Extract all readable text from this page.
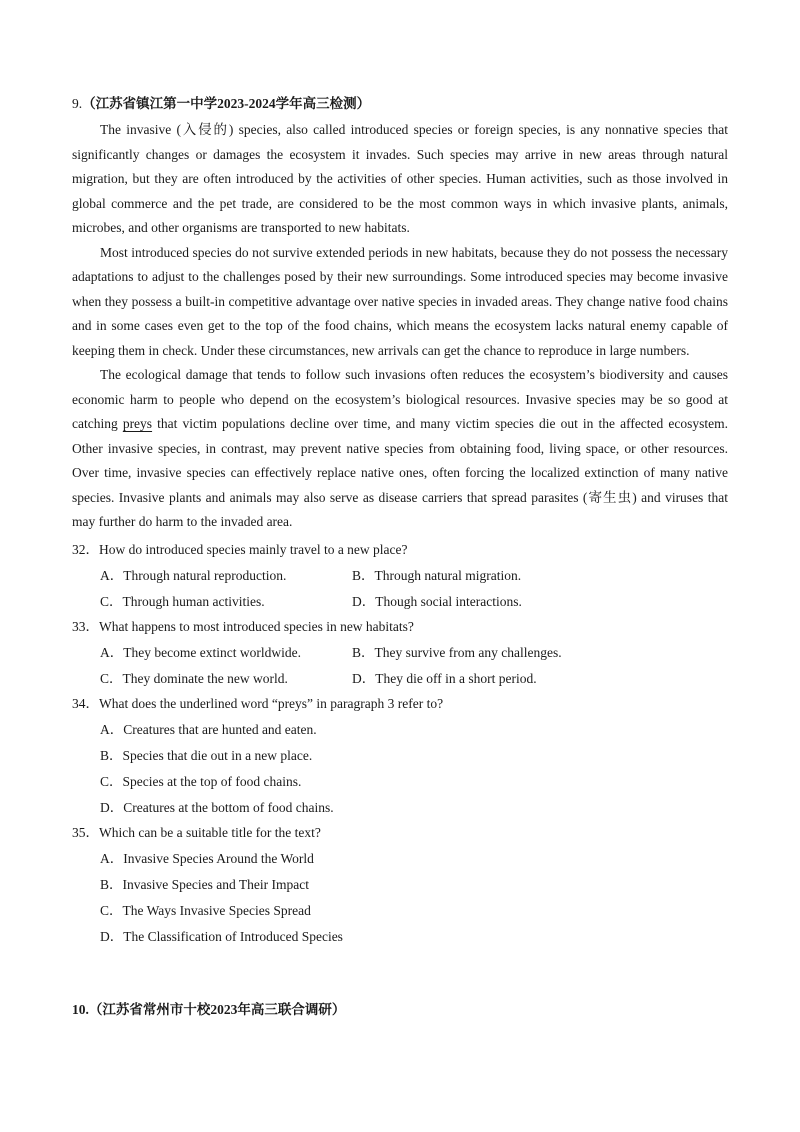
9.（江苏省镇江第一中学2023-2024学年高三检测）

The invasive (入侵的) species, also called introduced species or foreign species, is any nonnative species that significantly changes or damages the ecosystem it invades. Such species may arrive in new areas through natural migration, but they are often introduced by the activities of other species. Human activities, such as those involved in global commerce and the pet trade, are considered to be the most common ways in which invasive plants, animals, microbes, and other organisms are transported to new habitats.

Most introduced species do not survive extended periods in new habitats, because they do not possess the necessary adaptations to adjust to the challenges posed by their new surroundings. Some introduced species may become invasive when they possess a built-in competitive advantage over native species in invaded areas. They change native food chains and in some cases even get to the top of the food chains, which means the ecosystem lacks natural enemy capable of keeping them in check. Under these circumstances, new arrivals can get the chance to reproduce in large numbers.

The ecological damage that tends to follow such invasions often reduces the ecosystem’s biodiversity and causes economic harm to people who depend on the ecosystem’s biological resources. Invasive species may be so good at catching preys that victim populations decline over time, and many victim species die out in the affected ecosystem. Other invasive species, in contrast, may prevent native species from obtaining food, living space, or other resources. Over time, invasive species can effectively replace native ones, often forcing the localized extinction of many native species. Invasive plants and animals may also serve as disease carriers that spread parasites (寄生虫) and viruses that may further do harm to the invaded area.

32．How do introduced species mainly travel to a new place?

A．Through natural reproduction.	B．Through natural migration.
C．Through human activities.	D．Though social interactions.

33．What happens to most introduced species in new habitats?

A．They become extinct worldwide.	B．They survive from any challenges.
C．They dominate the new world.	D．They die off in a short period.

34．What does the underlined word “preys” in paragraph 3 refer to?

A．Creatures that are hunted and eaten.
B．Species that die out in a new place.
C．Species at the top of food chains.
D．Creatures at the bottom of food chains.

35．Which can be a suitable title for the text?

A．Invasive Species Around the World
B．Invasive Species and Their Impact
C．The Ways Invasive Species Spread
D．The Classification of Introduced Species
10.（江苏省常州市十校2023年高三联合调研）
